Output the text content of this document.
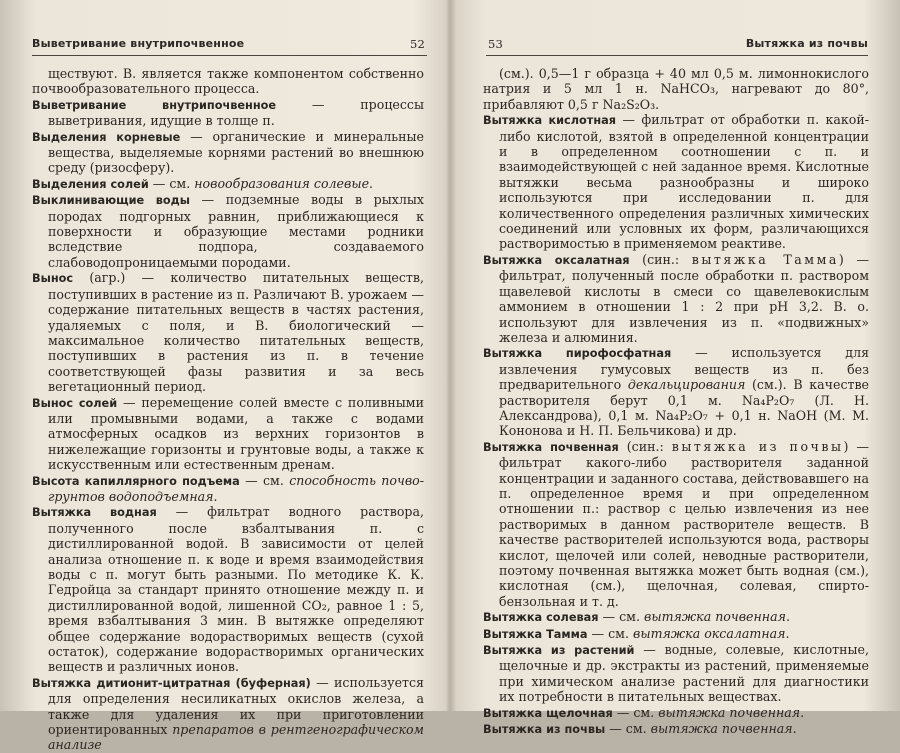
Выветривание внутрипочвенное	52

ществуют. В. является также компонентом собственно почвообразовательного процесса.

Выветривание внутрипочвенное — процессы выветривания, идущие в толще п.

Выделения корневые — органические и минеральные вещества, выделяемые корнями растений во внешнюю среду (ризосферу).

Выделения солей — см. новообразования солевые.

Выклинивающие воды — подземные воды в рыхлых породах подгорных равнин, приближающиеся к поверхности и образующие местами родники вследствие подпора, создаваемого слабоводопроницаемыми породами.

Вынос (агр.) — количество питательных веществ, поступивших в растение из п. Различают В. урожаем — содержание питательных веществ в частях растения, удаляемых с поля, и В. биологический — максимальное количество питательных веществ, поступивших в растения из п. в течение соответствующей фазы развития и за весь вегетационный период.

Вынос солей — перемещение солей вместе с поливными или промывными водами, а также с водами атмосферных осадков из верхних горизонтов в нижележащие горизонты и грунтовые воды, а также к искусственным или естественным дренам.

Высота капиллярного подъема — см. способность почво-грунтов водоподъемная.

Вытяжка водная — фильтрат водного раствора, полученного после взбалтывания п. с дистиллированной водой. В зависимости от целей анализа отношение п. к воде и время взаимодействия воды с п. могут быть разными. По методике К. К. Гедройца за стандарт принято отношение между п. и дистиллированной водой, лишенной CO₂, равное 1 : 5, время взбалтывания 3 мин. В вытяжке определяют общее содержание водорастворимых веществ (сухой остаток), содержание водорастворимых органических веществ и различных ионов.

Вытяжка дитионит-цитратная (буферная) — используется для определения несиликатных окислов железа, а также для удаления их при приготовлении ориентированных препаратов в рентгенографическом анализе

53	Вытяжка из почвы

(см.). 0,5—1 г образца + 40 мл 0,5 м. лимоннокислого натрия и 5 мл 1 н. NaHCO₃, нагревают до 80°, прибавляют 0,5 г Na₂S₂O₃.

Вытяжка кислотная — фильтрат от обработки п. какой-либо кислотой, взятой в определенной концентрации и в определенном соотношении с п. и взаимодействующей с ней заданное время. Кислотные вытяжки весьма разнообразны и широко используются при исследовании п. для количественного определения различных химических соединений или условных их форм, различающихся растворимостью в применяемом реактиве.

Вытяжка оксалатная (син.: вытяжка Тамма) — фильтрат, полученный после обработки п. раствором щавелевой кислоты в смеси со щавелевокислым аммонием в отношении 1 : 2 при pH 3,2. В. о. используют для извлечения из п. «подвижных» железа и алюминия.

Вытяжка пирофосфатная — используется для извлечения гумусовых веществ из п. без предварительного декальцирования (см.). В качестве растворителя берут 0,1 м. Na₄P₂O₇ (Л. Н. Александрова), 0,1 м. Na₄P₂O₇ + 0,1 н. NaOH (М. М. Кононова и Н. П. Бельчикова) и др.

Вытяжка почвенная (син.: вытяжка из почвы) — фильтрат какого-либо растворителя заданной концентрации и заданного состава, действовавшего на п. определенное время и при определенном отношении п.: раствор с целью извлечения из нее растворимых в данном растворителе веществ. В качестве растворителей используются вода, растворы кислот, щелочей или солей, неводные растворители, поэтому почвенная вытяжка может быть водная (см.), кислотная (см.), щелочная, солевая, спирто-бензольная и т. д.

Вытяжка солевая — см. вытяжка почвенная.

Вытяжка Тамма — см. вытяжка оксалатная.

Вытяжка из растений — водные, солевые, кислотные, щелочные и др. экстракты из растений, применяемые при химическом анализе растений для диагностики их потребности в питательных веществах.

Вытяжка щелочная — см. вытяжка почвенная.

Вытяжка из почвы — см. вытяжка почвенная.
